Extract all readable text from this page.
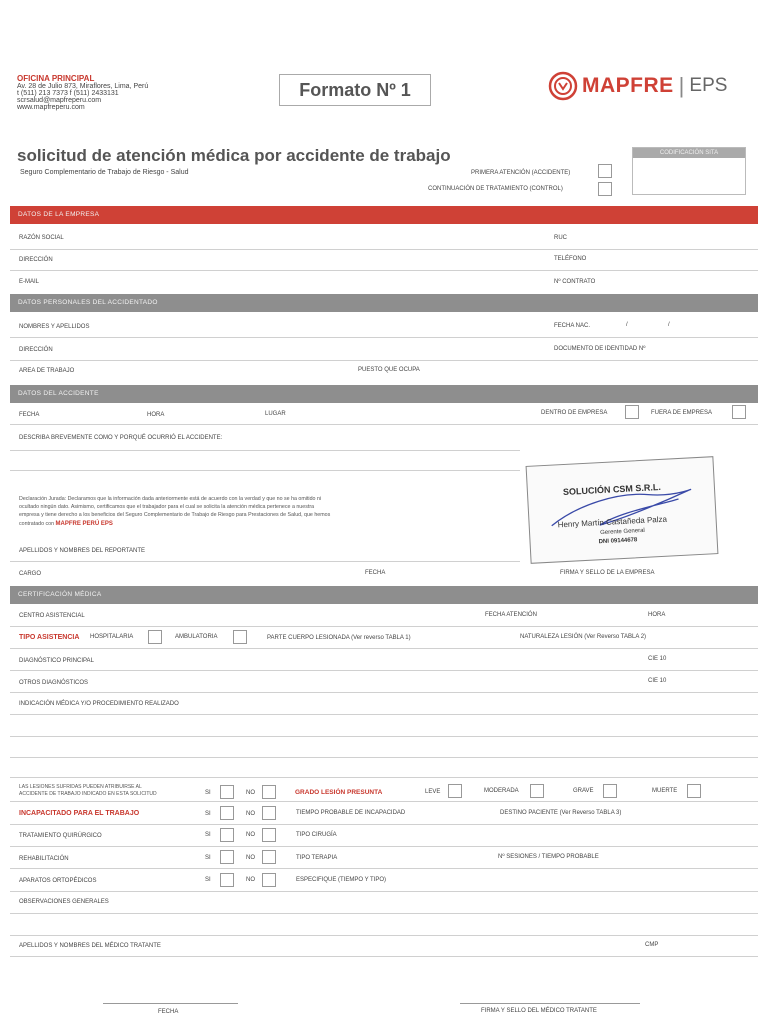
OFICINA PRINCIPAL
Av. 28 de Julio 873, Miraflores, Lima, Perú
t (511) 213 7373 f (511) 2433131
scrsalud@mapfreperu.com
www.mapfreperu.com
Formato Nº 1	MAPFRE | EPS
solicitud de atención médica por accidente de trabajo
Seguro Complementario de Trabajo de Riesgo - Salud	PRIMERA ATENCIÓN (ACCIDENTE)
CONTINUACIÓN DE TRATAMIENTO (CONTROL)
CODIFICACIÓN SITA
DATOS DE LA EMPRESA
RAZÓN SOCIAL	RUC
DIRECCIÓN	TELÉFONO
E-MAIL	Nº CONTRATO
DATOS PERSONALES DEL ACCIDENTADO
NOMBRES Y APELLIDOS	FECHA NAC.	/	/
DIRECCIÓN	DOCUMENTO DE IDENTIDAD Nº
AREA DE TRABAJO	PUESTO QUE OCUPA
DATOS DEL ACCIDENTE
FECHA	HORA	LUGAR	DENTRO DE EMPRESA	FUERA DE EMPRESA
DESCRIBA BREVEMENTE COMO Y PORQUÉ OCURRIÓ EL ACCIDENTE:
Declaración Jurada: Declaramos que la información dada anteriormente está de acuerdo con la verdad y que no se ha omitido ni
ocultado ningún dato. Asimismo, certificamos que el trabajador para el cual se solicita la atención médica pertenece a nuestra
empresa y tiene derecho a los beneficios del Seguro Complementario de Trabajo de Riesgo para Prestaciones de Salud, que hemos
contratado con MAPFRE PERÚ EPS
APELLIDOS Y NOMBRES DEL REPORTANTE
CARGO	FECHA	FIRMA Y SELLO DE LA EMPRESA
SOLUCIÓN CSM S.R.L.
Henry Martín Castañeda Palza
Gerente General
DNI 09144678
CERTIFICACIÓN MÉDICA
CENTRO ASISTENCIAL	FECHA ATENCIÓN	HORA
TIPO ASISTENCIA HOSPITALARIA	AMBULATORIA	PARTE CUERPO LESIONADA (Ver reverso TABLA 1)	NATURALEZA LESIÓN (Ver Reverso TABLA 2)
DIAGNÓSTICO PRINCIPAL	CIE 10
OTROS DIAGNÓSTICOS	CIE 10
INDICACIÓN MÉDICA Y/O PROCEDIMIENTO REALIZADO
LAS LESIONES SUFRIDAS PUEDEN ATRIBUIRSE AL
ACCIDENTE DE TRABAJO INDICADO EN ESTA SOLICITUD	SI	NO	GRADO LESIÓN PRESUNTA	LEVE	MODERADA	GRAVE	MUERTE
INCAPACITADO PARA EL TRABAJO	SI	NO	TIEMPO PROBABLE DE INCAPACIDAD	DESTINO PACIENTE (Ver Reverso TABLA 3)
TRATAMIENTO QUIRÚRGICO	SI	NO	TIPO CIRUGÍA
REHABILITACIÓN	SI	NO	TIPO TERAPIA	Nº SESIONES / TIEMPO PROBABLE
APARATOS ORTOPÉDICOS	SI	NO	ESPECIFIQUE (TIEMPO Y TIPO)
OBSERVACIONES GENERALES
APELLIDOS Y NOMBRES DEL MÉDICO TRATANTE	CMP
FECHA	FIRMA Y SELLO DEL MÉDICO TRATANTE
